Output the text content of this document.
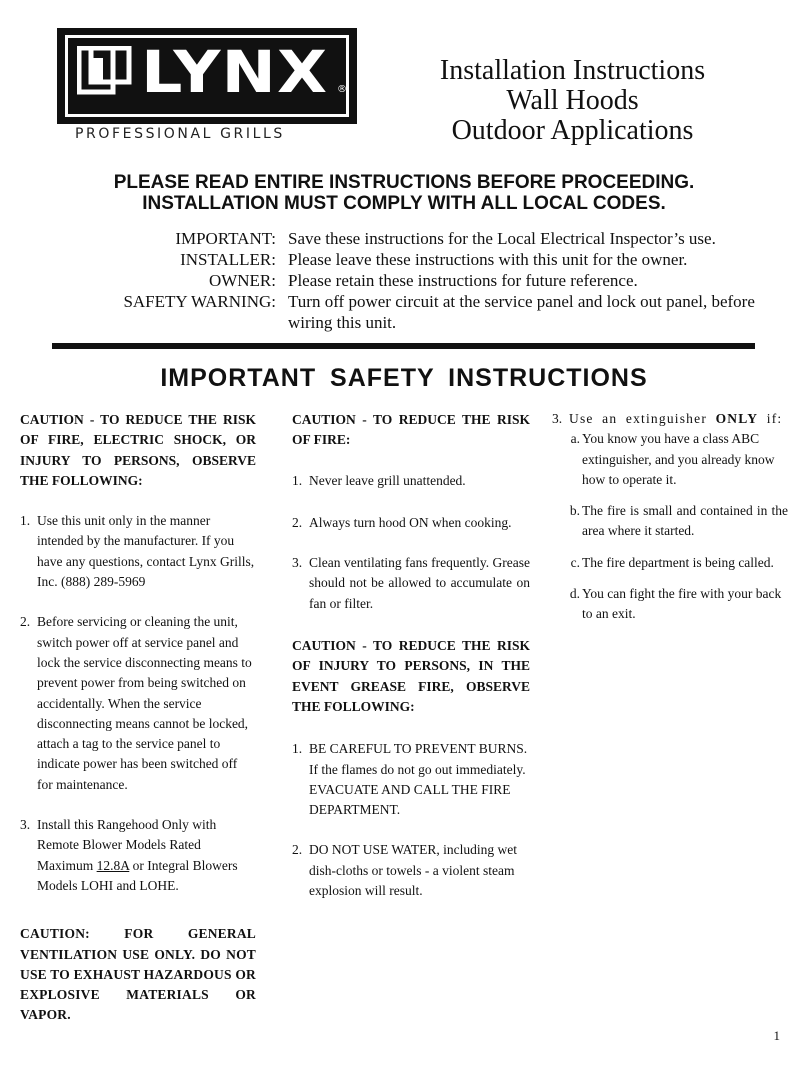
LYNX ®
PROFESSIONAL GRILLS
Installation Instructions
Wall Hoods
Outdoor Applications
PLEASE READ ENTIRE INSTRUCTIONS BEFORE PROCEEDING.
INSTALLATION MUST COMPLY WITH ALL LOCAL CODES.
IMPORTANT: Save these instructions for the Local Electrical Inspector’s use.
INSTALLER: Please leave these instructions with this unit for the owner.
OWNER: Please retain these instructions for future reference.
SAFETY WARNING: Turn off power circuit at the service panel and lock out panel, before wiring this unit.
IMPORTANT SAFETY INSTRUCTIONS

CAUTION - TO REDUCE THE RISK OF FIRE, ELECTRIC SHOCK, OR INJURY TO PERSONS, OBSERVE THE FOLLOWING:

1. Use this unit only in the manner intended by the manufacturer. If you have any questions, contact Lynx Grills, Inc. (888) 289-5969
2. Before servicing or cleaning the unit, switch power off at service panel and lock the service disconnecting means to prevent power from being switched on accidentally. When the service disconnecting means cannot be locked, attach a tag to the service panel to indicate power has been switched off for maintenance.
3. Install this Rangehood Only with Remote Blower Models Rated Maximum 12.8A or Integral Blowers Models LOHI and LOHE.

CAUTION: FOR GENERAL VENTILATION USE ONLY. DO NOT USE TO EXHAUST HAZARDOUS OR EXPLOSIVE MATERIALS OR VAPOR.

CAUTION - TO REDUCE THE RISK OF FIRE:

1. Never leave grill unattended.
2. Always turn hood ON when cooking.
3. Clean ventilating fans frequently. Grease should not be allowed to accumulate on fan or filter.

CAUTION - TO REDUCE THE RISK OF INJURY TO PERSONS, IN THE EVENT GREASE FIRE, OBSERVE THE FOLLOWING:

1. BE CAREFUL TO PREVENT BURNS. If the flames do not go out immediately. EVACUATE AND CALL THE FIRE DEPARTMENT.
2. DO NOT USE WATER, including wet dish-cloths or towels - a violent steam explosion will result.
3. Use an extinguisher ONLY if:
a. You know you have a class ABC extinguisher, and you already know how to operate it.
b. The fire is small and contained in the area where it started.
c. The fire department is being called.
d. You can fight the fire with your back to an exit.
1
